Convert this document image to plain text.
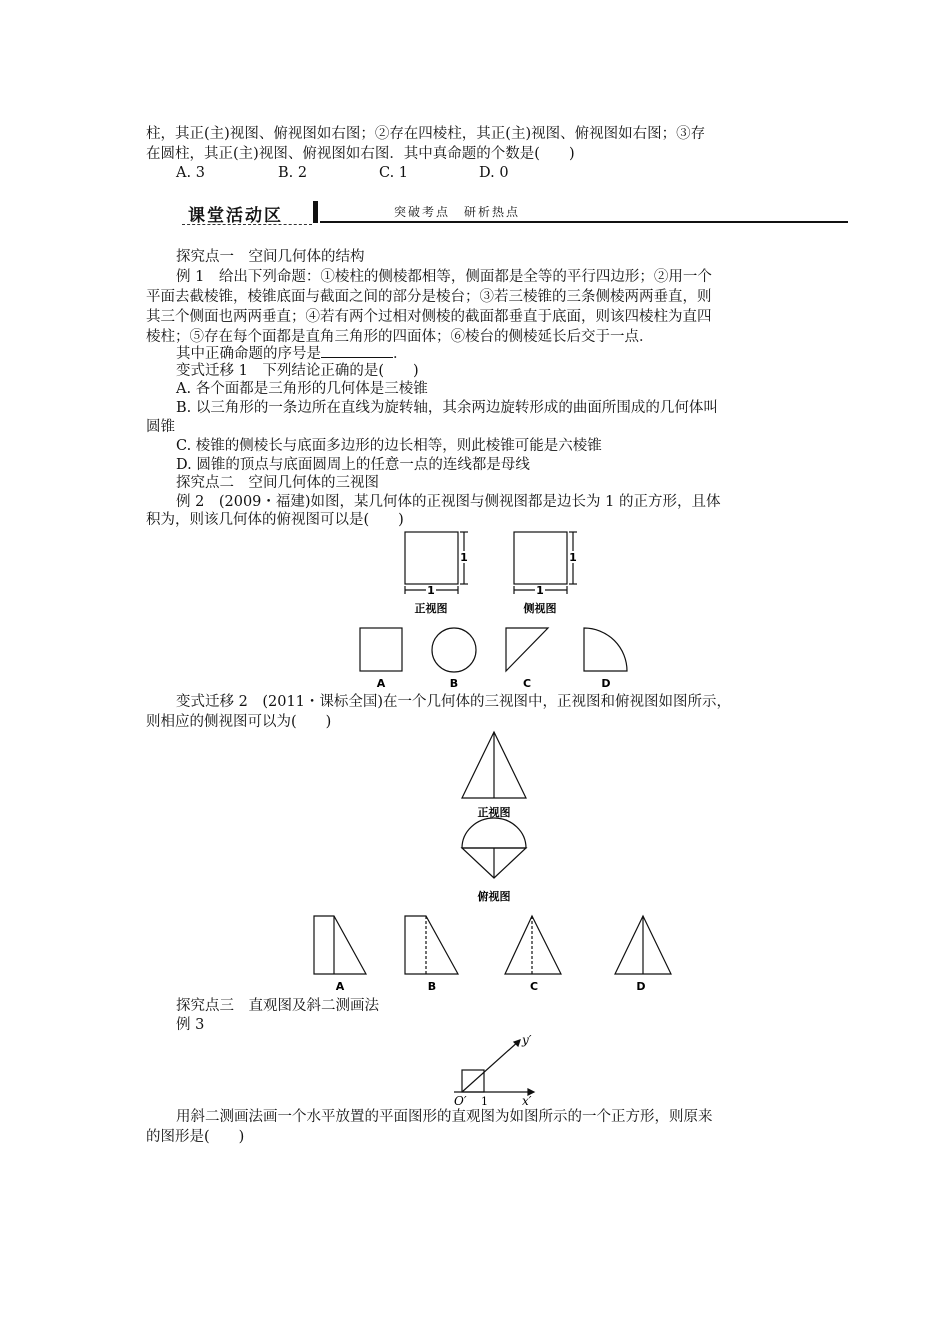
柱，其正(主)视图、俯视图如右图；②存在四棱柱，其正(主)视图、俯视图如右图；③存
在圆柱，其正(主)视图、俯视图如右图．其中真命题的个数是(　　)
A. 3	B. 2	C. 1	D. 0
课堂活动区	突破考点　研析热点
探究点一　空间几何体的结构
例 1　给出下列命题：①棱柱的侧棱都相等，侧面都是全等的平行四边形；②用一个
平面去截棱锥，棱锥底面与截面之间的部分是棱台；③若三棱锥的三条侧棱两两垂直，则
其三个侧面也两两垂直；④若有两个过相对侧棱的截面都垂直于底面，则该四棱柱为直四
棱柱；⑤存在每个面都是直角三角形的四面体；⑥棱台的侧棱延长后交于一点．
其中正确命题的序号是	．
变式迁移 1　下列结论正确的是(　　)
A. 各个面都是三角形的几何体是三棱锥
B. 以三角形的一条边所在直线为旋转轴，其余两边旋转形成的曲面所围成的几何体叫
圆锥
C. 棱锥的侧棱长与底面多边形的边长相等，则此棱锥可能是六棱锥
D. 圆锥的顶点与底面圆周上的任意一点的连线都是母线
探究点二　空间几何体的三视图
例 2　(2009・福建)如图，某几何体的正视图与侧视图都是边长为 1 的正方形，且体
积为，则该几何体的俯视图可以是(　　)
1	1
1	1
正视图	侧视图
A	B	C	D
变式迁移 2　(2011・课标全国)在一个几何体的三视图中，正视图和俯视图如图所示，
则相应的侧视图可以为(　　)
正视图
俯视图
A	B	C	D
探究点三　直观图及斜二测画法
例 3
y′
x′
O′ 1
用斜二测画法画一个水平放置的平面图形的直观图为如图所示的一个正方形，则原来
的图形是(　　)
